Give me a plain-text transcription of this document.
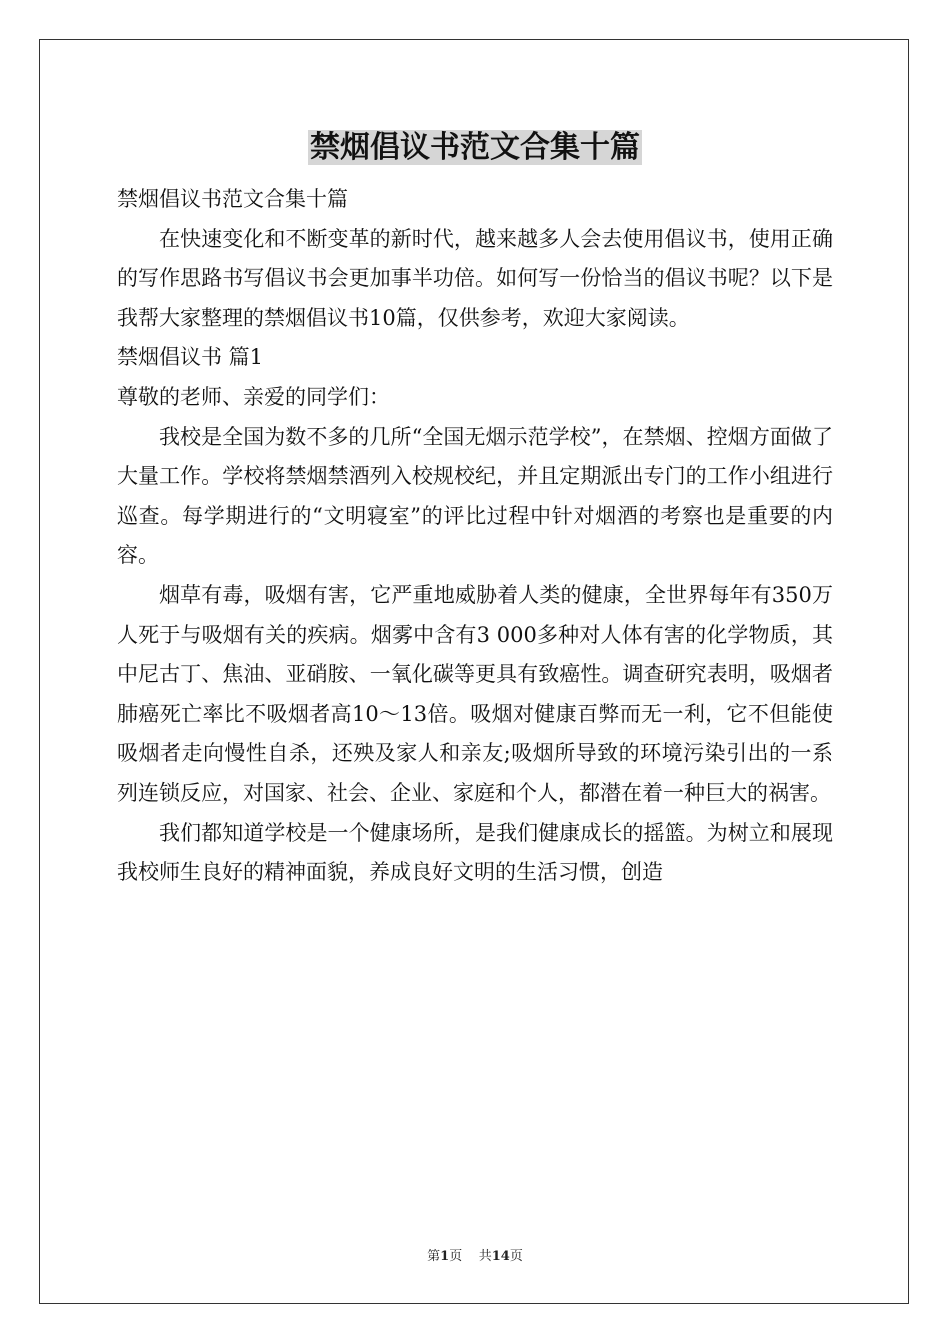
禁烟倡议书范文合集十篇

禁烟倡议书范文合集十篇

在快速变化和不断变革的新时代，越来越多人会去使用倡议书，使用正确的写作思路书写倡议书会更加事半功倍。如何写一份恰当的倡议书呢？以下是我帮大家整理的禁烟倡议书10篇，仅供参考，欢迎大家阅读。

禁烟倡议书 篇1

尊敬的老师、亲爱的同学们：

我校是全国为数不多的几所“全国无烟示范学校”，在禁烟、控烟方面做了大量工作。学校将禁烟禁酒列入校规校纪，并且定期派出专门的工作小组进行巡查。每学期进行的“文明寝室”的评比过程中针对烟酒的考察也是重要的内容。

烟草有毒，吸烟有害，它严重地威胁着人类的健康，全世界每年有350万人死于与吸烟有关的疾病。烟雾中含有3 000多种对人体有害的化学物质，其中尼古丁、焦油、亚硝胺、一氧化碳等更具有致癌性。调查研究表明，吸烟者肺癌死亡率比不吸烟者高10～13倍。吸烟对健康百弊而无一利，它不但能使吸烟者走向慢性自杀，还殃及家人和亲友;吸烟所导致的环境污染引出的一系列连锁反应，对国家、社会、企业、家庭和个人，都潜在着一种巨大的祸害。

我们都知道学校是一个健康场所，是我们健康成长的摇篮。为树立和展现我校师生良好的精神面貌，养成良好文明的生活习惯，创造

第1页 共14页
